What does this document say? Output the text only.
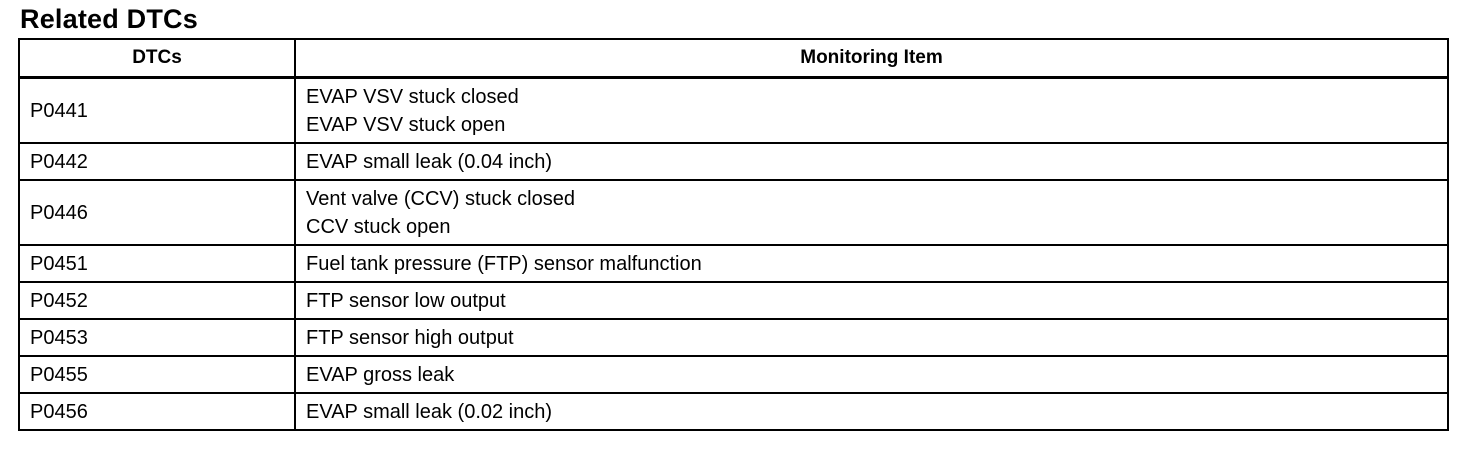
Related DTCs
DTCs	Monitoring Item
P0441	EVAP VSV stuck closed
EVAP VSV stuck open

P0442	EVAP small leak (0.04 inch)

P0446	Vent valve (CCV) stuck closed
CCV stuck open

P0451	Fuel tank pressure (FTP) sensor malfunction

P0452	FTP sensor low output

P0453	FTP sensor high output

P0455	EVAP gross leak

P0456	EVAP small leak (0.02 inch)
